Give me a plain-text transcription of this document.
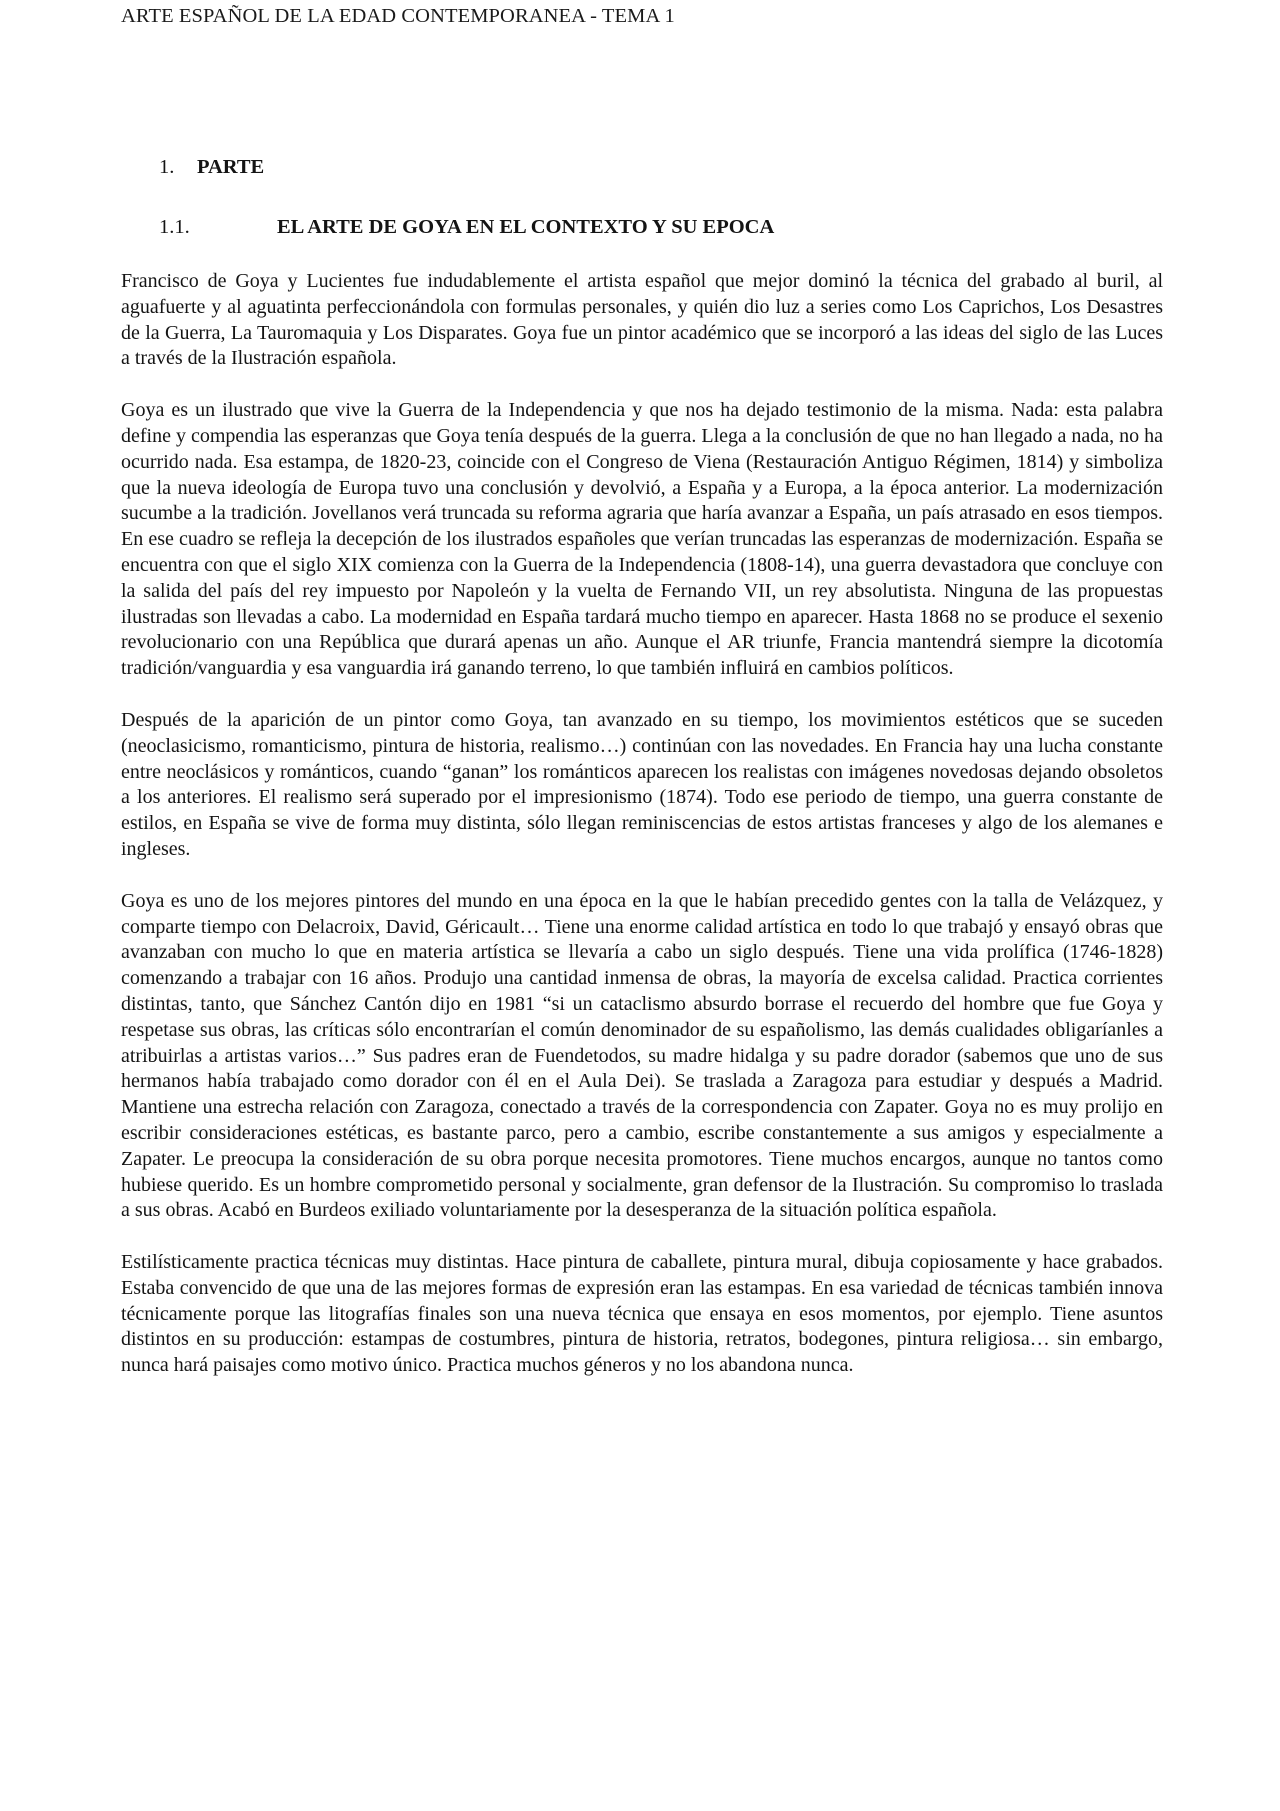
ARTE ESPAÑOL DE LA EDAD CONTEMPORANEA - TEMA 1
1. PARTE
1.1.	EL ARTE DE GOYA EN EL CONTEXTO Y SU EPOCA

Francisco de Goya y Lucientes fue indudablemente el artista español que mejor dominó la técnica del grabado al buril, al aguafuerte y al aguatinta perfeccionándola con formulas personales, y quién dio luz a series como Los Caprichos, Los Desastres de la Guerra, La Tauromaquia y Los Disparates. Goya fue un pintor académico que se incorporó a las ideas del siglo de las Luces a través de la Ilustración española.

Goya es un ilustrado que vive la Guerra de la Independencia y que nos ha dejado testimonio de la misma. Nada: esta palabra define y compendia las esperanzas que Goya tenía después de la guerra. Llega a la conclusión de que no han llegado a nada, no ha ocurrido nada. Esa estampa, de 1820-23, coincide con el Congreso de Viena (Restauración Antiguo Régimen, 1814) y simboliza que la nueva ideología de Europa tuvo una conclusión y devolvió, a España y a Europa, a la época anterior. La modernización sucumbe a la tradición. Jovellanos verá truncada su reforma agraria que haría avanzar a España, un país atrasado en esos tiempos. En ese cuadro se refleja la decepción de los ilustrados españoles que verían truncadas las esperanzas de modernización. España se encuentra con que el siglo XIX comienza con la Guerra de la Independencia (1808-14), una guerra devastadora que concluye con la salida del país del rey impuesto por Napoleón y la vuelta de Fernando VII, un rey absolutista. Ninguna de las propuestas ilustradas son llevadas a cabo. La modernidad en España tardará mucho tiempo en aparecer. Hasta 1868 no se produce el sexenio revolucionario con una República que durará apenas un año. Aunque el AR triunfe, Francia mantendrá siempre la dicotomía tradición/vanguardia y esa vanguardia irá ganando terreno, lo que también influirá en cambios políticos.

Después de la aparición de un pintor como Goya, tan avanzado en su tiempo, los movimientos estéticos que se suceden (neoclasicismo, romanticismo, pintura de historia, realismo…) continúan con las novedades. En Francia hay una lucha constante entre neoclásicos y románticos, cuando “ganan” los románticos aparecen los realistas con imágenes novedosas dejando obsoletos a los anteriores. El realismo será superado por el impresionismo (1874). Todo ese periodo de tiempo, una guerra constante de estilos, en España se vive de forma muy distinta, sólo llegan reminiscencias de estos artistas franceses y algo de los alemanes e ingleses.

Goya es uno de los mejores pintores del mundo en una época en la que le habían precedido gentes con la talla de Velázquez, y comparte tiempo con Delacroix, David, Géricault… Tiene una enorme calidad artística en todo lo que trabajó y ensayó obras que avanzaban con mucho lo que en materia artística se llevaría a cabo un siglo después. Tiene una vida prolífica (1746-1828) comenzando a trabajar con 16 años. Produjo una cantidad inmensa de obras, la mayoría de excelsa calidad. Practica corrientes distintas, tanto, que Sánchez Cantón dijo en 1981 “si un cataclismo absurdo borrase el recuerdo del hombre que fue Goya y respetase sus obras, las críticas sólo encontrarían el común denominador de su españolismo, las demás cualidades obligaríanles a atribuirlas a artistas varios…” Sus padres eran de Fuendetodos, su madre hidalga y su padre dorador (sabemos que uno de sus hermanos había trabajado como dorador con él en el Aula Dei). Se traslada a Zaragoza para estudiar y después a Madrid. Mantiene una estrecha relación con Zaragoza, conectado a través de la correspondencia con Zapater. Goya no es muy prolijo en escribir consideraciones estéticas, es bastante parco, pero a cambio, escribe constantemente a sus amigos y especialmente a Zapater. Le preocupa la consideración de su obra porque necesita promotores. Tiene muchos encargos, aunque no tantos como hubiese querido. Es un hombre comprometido personal y socialmente, gran defensor de la Ilustración. Su compromiso lo traslada a sus obras. Acabó en Burdeos exiliado voluntariamente por la desesperanza de la situación política española.

Estilísticamente practica técnicas muy distintas. Hace pintura de caballete, pintura mural, dibuja copiosamente y hace grabados. Estaba convencido de que una de las mejores formas de expresión eran las estampas. En esa variedad de técnicas también innova técnicamente porque las litografías finales son una nueva técnica que ensaya en esos momentos, por ejemplo. Tiene asuntos distintos en su producción: estampas de costumbres, pintura de historia, retratos, bodegones, pintura religiosa… sin embargo, nunca hará paisajes como motivo único. Practica muchos géneros y no los abandona nunca.
